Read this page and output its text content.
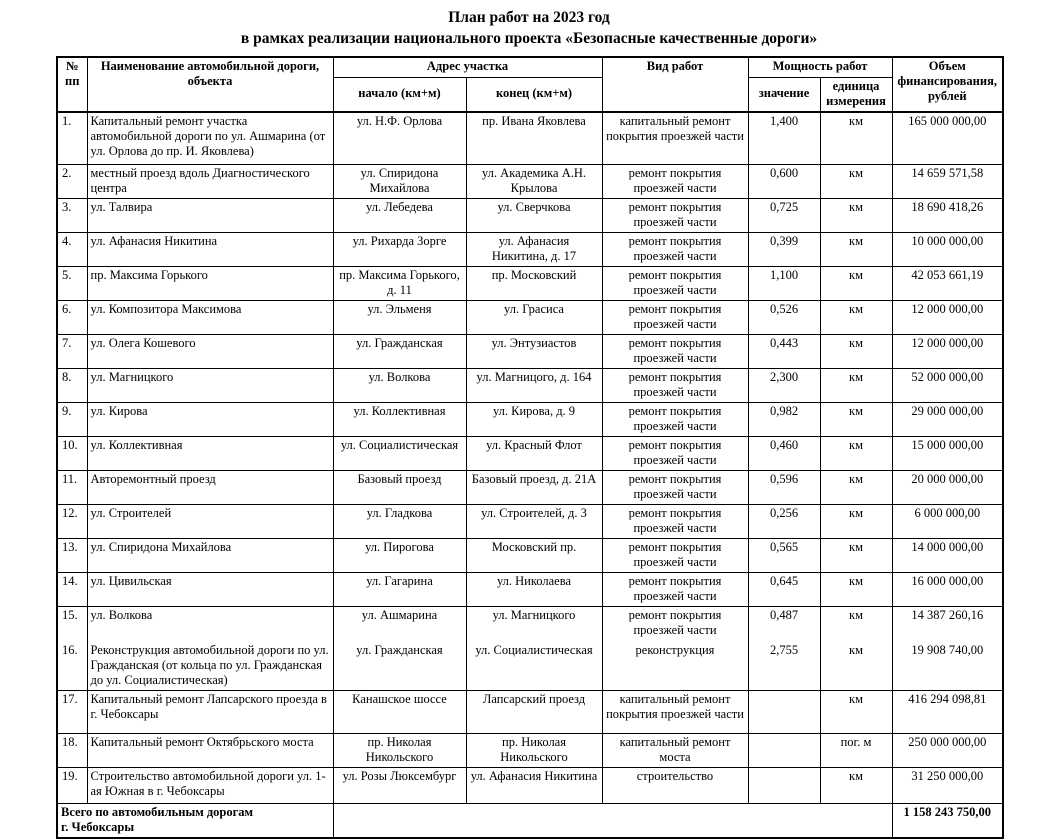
План работ на 2023 год
в рамках реализации национального проекта «Безопасные качественные дороги»
№ пп	Наименование автомобильной дороги, объекта	Адрес участка		Вид работ	Мощность работ		Объем финансирования, рублей
		начало (км+м)	конец (км+м)		значение	единица измерения	
1.	Капитальный ремонт участка автомобильной дороги по ул. Ашмарина (от ул. Орлова до пр. И. Яковлева)	ул. Н.Ф. Орлова	пр. Ивана Яковлева	капитальный ремонт покрытия проезжей части	1,400	км	165 000 000,00
2.	местный проезд вдоль Диагностического центра	ул. Спиридона Михайлова	ул. Академика А.Н. Крылова	ремонт покрытия проезжей части	0,600	км	14 659 571,58
3.	ул. Талвира	ул. Лебедева	ул. Сверчкова	ремонт покрытия проезжей части	0,725	км	18 690 418,26
4.	ул. Афанасия Никитина	ул. Рихарда Зорге	ул. Афанасия Никитина, д. 17	ремонт покрытия проезжей части	0,399	км	10 000 000,00
5.	пр. Максима Горького	пр. Максима Горького, д. 11	пр. Московский	ремонт покрытия проезжей части	1,100	км	42 053 661,19
6.	ул. Композитора Максимова	ул. Эльменя	ул. Грасиса	ремонт покрытия проезжей части	0,526	км	12 000 000,00
7.	ул. Олега Кошевого	ул. Гражданская	ул. Энтузиастов	ремонт покрытия проезжей части	0,443	км	12 000 000,00
8.	ул. Магницкого	ул. Волкова	ул. Магницого, д. 164	ремонт покрытия проезжей части	2,300	км	52 000 000,00
9.	ул. Кирова	ул. Коллективная	ул. Кирова, д. 9	ремонт покрытия проезжей части	0,982	км	29 000 000,00
10.	ул. Коллективная	ул. Социалистическая	ул. Красный Флот	ремонт покрытия проезжей части	0,460	км	15 000 000,00
11.	Авторемонтный проезд	Базовый проезд	Базовый проезд, д. 21А	ремонт покрытия проезжей части	0,596	км	20 000 000,00
12.	ул. Строителей	ул. Гладкова	ул. Строителей, д. 3	ремонт покрытия проезжей части	0,256	км	6 000 000,00
13.	ул. Спиридона Михайлова	ул. Пирогова	Московский пр.	ремонт покрытия проезжей части	0,565	км	14 000 000,00
14.	ул. Цивильская	ул. Гагарина	ул. Николаева	ремонт покрытия проезжей части	0,645	км	16 000 000,00
15.	ул. Волкова	ул. Ашмарина	ул. Магницкого	ремонт покрытия проезжей части	0,487	км	14 387 260,16
16.	Реконструкция автомобильной дороги по ул. Гражданская (от кольца по ул. Гражданская до ул. Социалистическая)	ул. Гражданская	ул. Социалистическая	реконструкция	2,755	км	19 908 740,00
17.	Капитальный ремонт Лапсарского проезда в г. Чебоксары	Канашское шоссе	Лапсарский проезд	капитальный ремонт покрытия проезжей части		км	416 294 098,81
18.	Капитальный ремонт Октябрьского моста	пр. Николая Никольского	пр. Николая Никольского	капитальный ремонт моста		пог. м	250 000 000,00
19.	Строительство автомобильной дороги ул. 1-ая Южная в г. Чебоксары	ул. Розы Люксембург	ул. Афанасия Никитина	строительство		км	31 250 000,00
Всего по автомобильным дорогам г. Чебоксары							1 158 243 750,00
